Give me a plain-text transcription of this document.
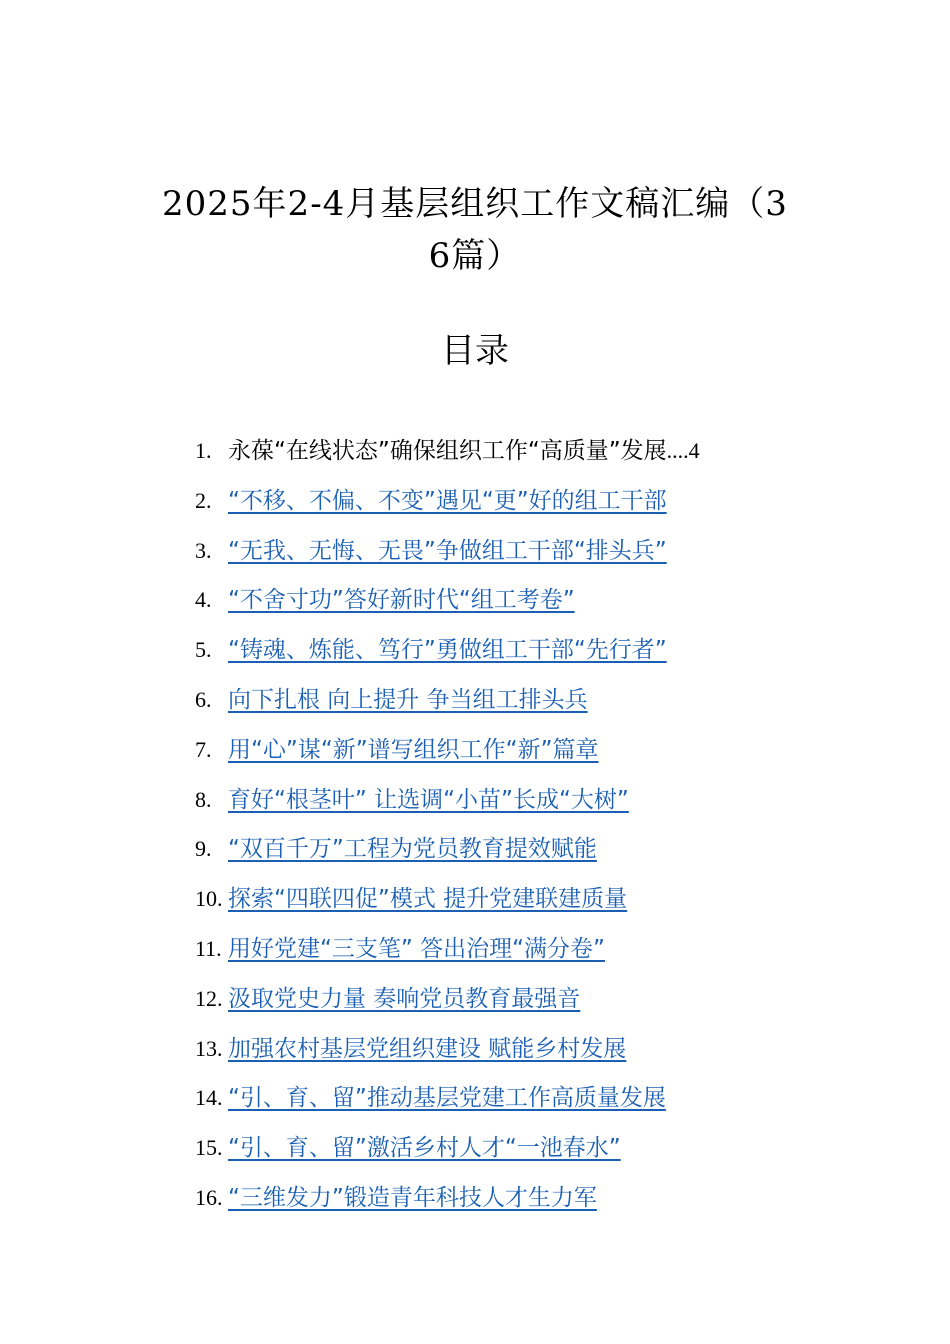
2025年2-4月基层组织工作文稿汇编（3
6篇）
目录
1. 永葆“在线状态”确保组织工作“高质量”发展 ....4
2. “不移、不偏、不变”遇见“更”好的组工干部
3. “无我、无悔、无畏”争做组工干部“排头兵”
4. “不舍寸功”答好新时代“组工考卷”
5. “铸魂、炼能、笃行”勇做组工干部“先行者”
6. 向下扎根 向上提升 争当组工排头兵
7. 用“心”谋“新”谱写组织工作“新”篇章
8. 育好“根茎叶” 让选调“小苗”长成“大树”
9. “双百千万”工程为党员教育提效赋能
10. 探索“四联四促”模式 提升党建联建质量
11. 用好党建“三支笔” 答出治理“满分卷”
12. 汲取党史力量 奏响党员教育最强音
13. 加强农村基层党组织建设 赋能乡村发展
14. “引、育、留”推动基层党建工作高质量发展
15. “引、育、留”激活乡村人才“一池春水”
16. “三维发力”锻造青年科技人才生力军
